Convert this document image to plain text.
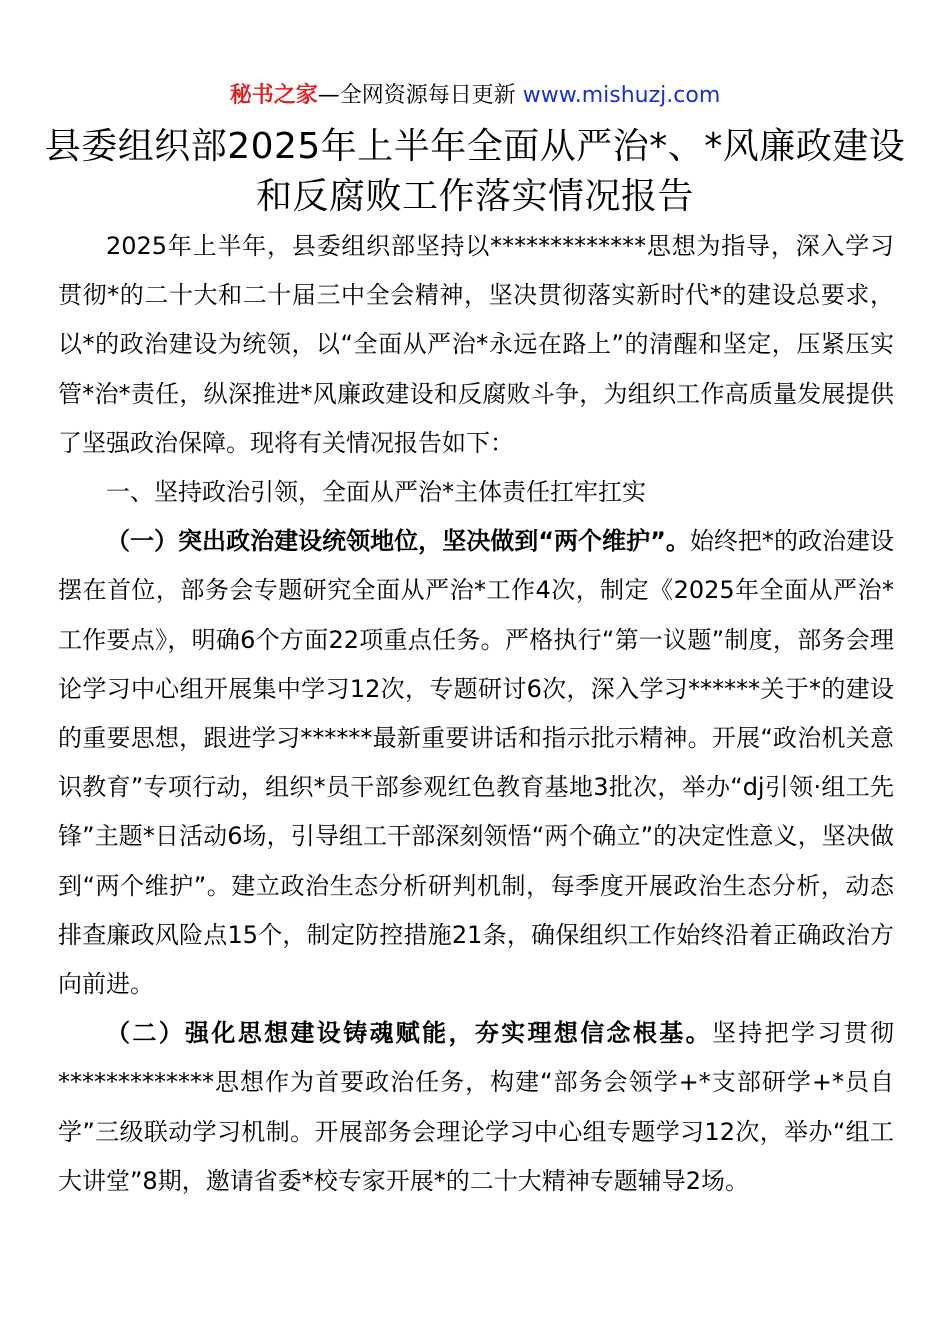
秘书之家—全网资源每日更新 www.mishuzj.com
县委组织部2025年上半年全面从严治*、*风廉政建设和反腐败工作落实情况报告

2025年上半年，县委组织部坚持以*************思想为指导，深入学习贯彻*的二十大和二十届三中全会精神，坚决贯彻落实新时代*的建设总要求，以*的政治建设为统领，以“全面从严治*永远在路上”的清醒和坚定，压紧压实管*治*责任，纵深推进*风廉政建设和反腐败斗争，为组织工作高质量发展提供了坚强政治保障。现将有关情况报告如下：

一、坚持政治引领，全面从严治*主体责任扛牢扛实

（一）突出政治建设统领地位，坚决做到“两个维护”。始终把*的政治建设摆在首位，部务会专题研究全面从严治*工作4次，制定《2025年全面从严治*工作要点》，明确6个方面22项重点任务。严格执行“第一议题”制度，部务会理论学习中心组开展集中学习12次，专题研讨6次，深入学习******关于*的建设的重要思想，跟进学习******最新重要讲话和指示批示精神。开展“政治机关意识教育”专项行动，组织*员干部参观红色教育基地3批次，举办“dj引领·组工先锋”主题*日活动6场，引导组工干部深刻领悟“两个确立”的决定性意义，坚决做到“两个维护”。建立政治生态分析研判机制，每季度开展政治生态分析，动态排查廉政风险点15个，制定防控措施21条，确保组织工作始终沿着正确政治方向前进。

（二）强化思想建设铸魂赋能，夯实理想信念根基。坚持把学习贯彻*************思想作为首要政治任务，构建“部务会领学+*支部研学+*员自学”三级联动学习机制。开展部务会理论学习中心组专题学习12次，举办“组工大讲堂”8期，邀请省委*校专家开展*的二十大精神专题辅导2场。
